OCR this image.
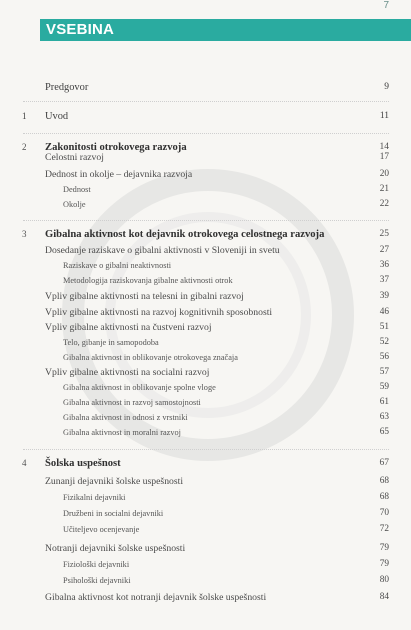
7
VSEBINA
Predgovor	9
1	Uvod	11
2	Zakonitosti otrokovega razvoja	14
Celostni razvoj	17
Dednost in okolje – dejavnika razvoja	20
Dednost	21
Okolje	22
3	Gibalna aktivnost kot dejavnik otrokovega celostnega razvoja	25
Dosedanje raziskave o gibalni aktivnosti v Sloveniji in svetu	27
Raziskave o gibalni neaktivnosti	36
Metodologija raziskovanja gibalne aktivnosti otrok	37
Vpliv gibalne aktivnosti na telesni in gibalni razvoj	39
Vpliv gibalne aktivnosti na razvoj kognitivnih sposobnosti	46
Vpliv gibalne aktivnosti na čustveni razvoj	51
Telo, gibanje in samopodoba	52
Gibalna aktivnost in oblikovanje otrokovega značaja	56
Vpliv gibalne aktivnosti na socialni razvoj	57
Gibalna aktivnost in oblikovanje spolne vloge	59
Gibalna aktivnost in razvoj samostojnosti	61
Gibalna aktivnost in odnosi z vrstniki	63
Gibalna aktivnost in moralni razvoj	65
4	Šolska uspešnost	67
Zunanji dejavniki šolske uspešnosti	68
Fizikalni dejavniki	68
Družbeni in socialni dejavniki	70
Učiteljevo ocenjevanje	72
Notranji dejavniki šolske uspešnosti	79
Fiziološki dejavniki	79
Psihološki dejavniki	80
Gibalna aktivnost kot notranji dejavnik šolske uspešnosti	84
